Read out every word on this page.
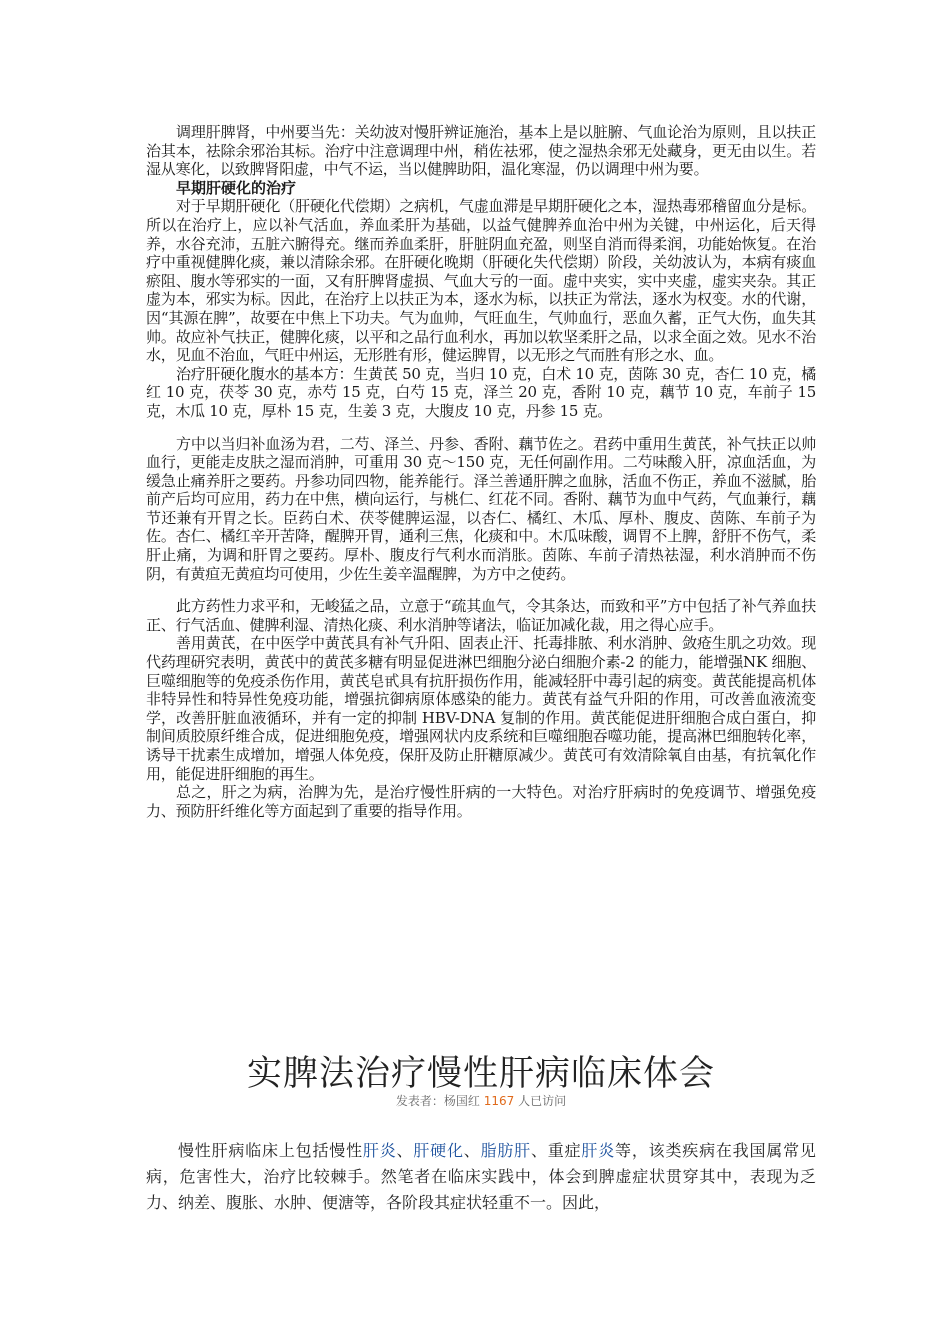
调理肝脾肾，中州要当先：关幼波对慢肝辨证施治，基本上是以脏腑、气血论治为原则，且以扶正治其本，祛除余邪治其标。治疗中注意调理中州，稍佐祛邪，使之湿热余邪无处藏身，更无由以生。若湿从寒化，以致脾肾阳虚，中气不运，当以健脾助阳，温化寒湿，仍以调理中州为要。

早期肝硬化的治疗

对于早期肝硬化（肝硬化代偿期）之病机，气虚血滞是早期肝硬化之本，湿热毒邪稽留血分是标。所以在治疗上，应以补气活血，养血柔肝为基础，以益气健脾养血治中州为关键，中州运化，后天得养，水谷充沛，五脏六腑得充。继而养血柔肝，肝脏阴血充盈，则坚自消而得柔润，功能始恢复。在治疗中重视健脾化痰，兼以清除余邪。在肝硬化晚期（肝硬化失代偿期）阶段，关幼波认为，本病有痰血瘀阻、腹水等邪实的一面，又有肝脾肾虚损、气血大亏的一面。虚中夹实，实中夹虚，虚实夹杂。其正虚为本，邪实为标。因此，在治疗上以扶正为本，逐水为标，以扶正为常法，逐水为权变。水的代谢，因“其源在脾”，故要在中焦上下功夫。气为血帅，气旺血生，气帅血行，恶血久蓄，正气大伤，血失其帅。故应补气扶正，健脾化痰，以平和之品行血利水，再加以软坚柔肝之品，以求全面之效。见水不治水，见血不治血，气旺中州运，无形胜有形，健运脾胃，以无形之气而胜有形之水、血。

治疗肝硬化腹水的基本方：生黄芪 50 克，当归 10 克，白术 10 克，茵陈 30 克，杏仁 10 克，橘红 10 克，茯苓 30 克，赤芍 15 克，白芍 15 克，泽兰 20 克，香附 10 克，藕节 10 克，车前子 15 克，木瓜 10 克，厚朴 15 克，生姜 3 克，大腹皮 10 克，丹参 15 克。

方中以当归补血汤为君，二芍、泽兰、丹参、香附、藕节佐之。君药中重用生黄芪，补气扶正以帅血行，更能走皮肤之湿而消肿，可重用 30 克～150 克，无任何副作用。二芍味酸入肝，凉血活血，为缓急止痛养肝之要药。丹参功同四物，能养能行。泽兰善通肝脾之血脉，活血不伤正，养血不滋腻，胎前产后均可应用，药力在中焦，横向运行，与桃仁、红花不同。香附、藕节为血中气药，气血兼行，藕节还兼有开胃之长。臣药白术、茯苓健脾运湿，以杏仁、橘红、木瓜、厚朴、腹皮、茵陈、车前子为佐。杏仁、橘红辛开苦降，醒脾开胃，通利三焦，化痰和中。木瓜味酸，调胃不上脾，舒肝不伤气，柔肝止痛，为调和肝胃之要药。厚朴、腹皮行气利水而消胀。茵陈、车前子清热祛湿，利水消肿而不伤阴，有黄疸无黄疸均可使用，少佐生姜辛温醒脾，为方中之使药。

此方药性力求平和，无峻猛之品，立意于“疏其血气，令其条达，而致和平”方中包括了补气养血扶正、行气活血、健脾利湿、清热化痰、利水消肿等诸法，临证加减化裁，用之得心应手。

善用黄芪，在中医学中黄芪具有补气升阳、固表止汗、托毒排脓、利水消肿、敛疮生肌之功效。现代药理研究表明，黄芪中的黄芪多糖有明显促进淋巴细胞分泌白细胞介素-2 的能力，能增强NK 细胞、巨噬细胞等的免疫杀伤作用，黄芪皂甙具有抗肝损伤作用，能减轻肝中毒引起的病变。黄芪能提高机体非特异性和特异性免疫功能，增强抗御病原体感染的能力。黄芪有益气升阳的作用，可改善血液流变学，改善肝脏血液循环，并有一定的抑制 HBV-DNA 复制的作用。黄芪能促进肝细胞合成白蛋白，抑制间质胶原纤维合成，促进细胞免疫，增强网状内皮系统和巨噬细胞吞噬功能，提高淋巴细胞转化率，诱导干扰素生成增加，增强人体免疫，保肝及防止肝糖原减少。黄芪可有效清除氧自由基，有抗氧化作用，能促进肝细胞的再生。

总之，肝之为病，治脾为先，是治疗慢性肝病的一大特色。对治疗肝病时的免疫调节、增强免疫力、预防肝纤维化等方面起到了重要的指导作用。

实脾法治疗慢性肝病临床体会
发表者：杨国红 1167 人已访问

慢性肝病临床上包括慢性肝炎、肝硬化、脂肪肝、重症肝炎等，该类疾病在我国属常见病，危害性大，治疗比较棘手。然笔者在临床实践中，体会到脾虚症状贯穿其中，表现为乏力、纳差、腹胀、水肿、便溏等，各阶段其症状轻重不一。因此，
